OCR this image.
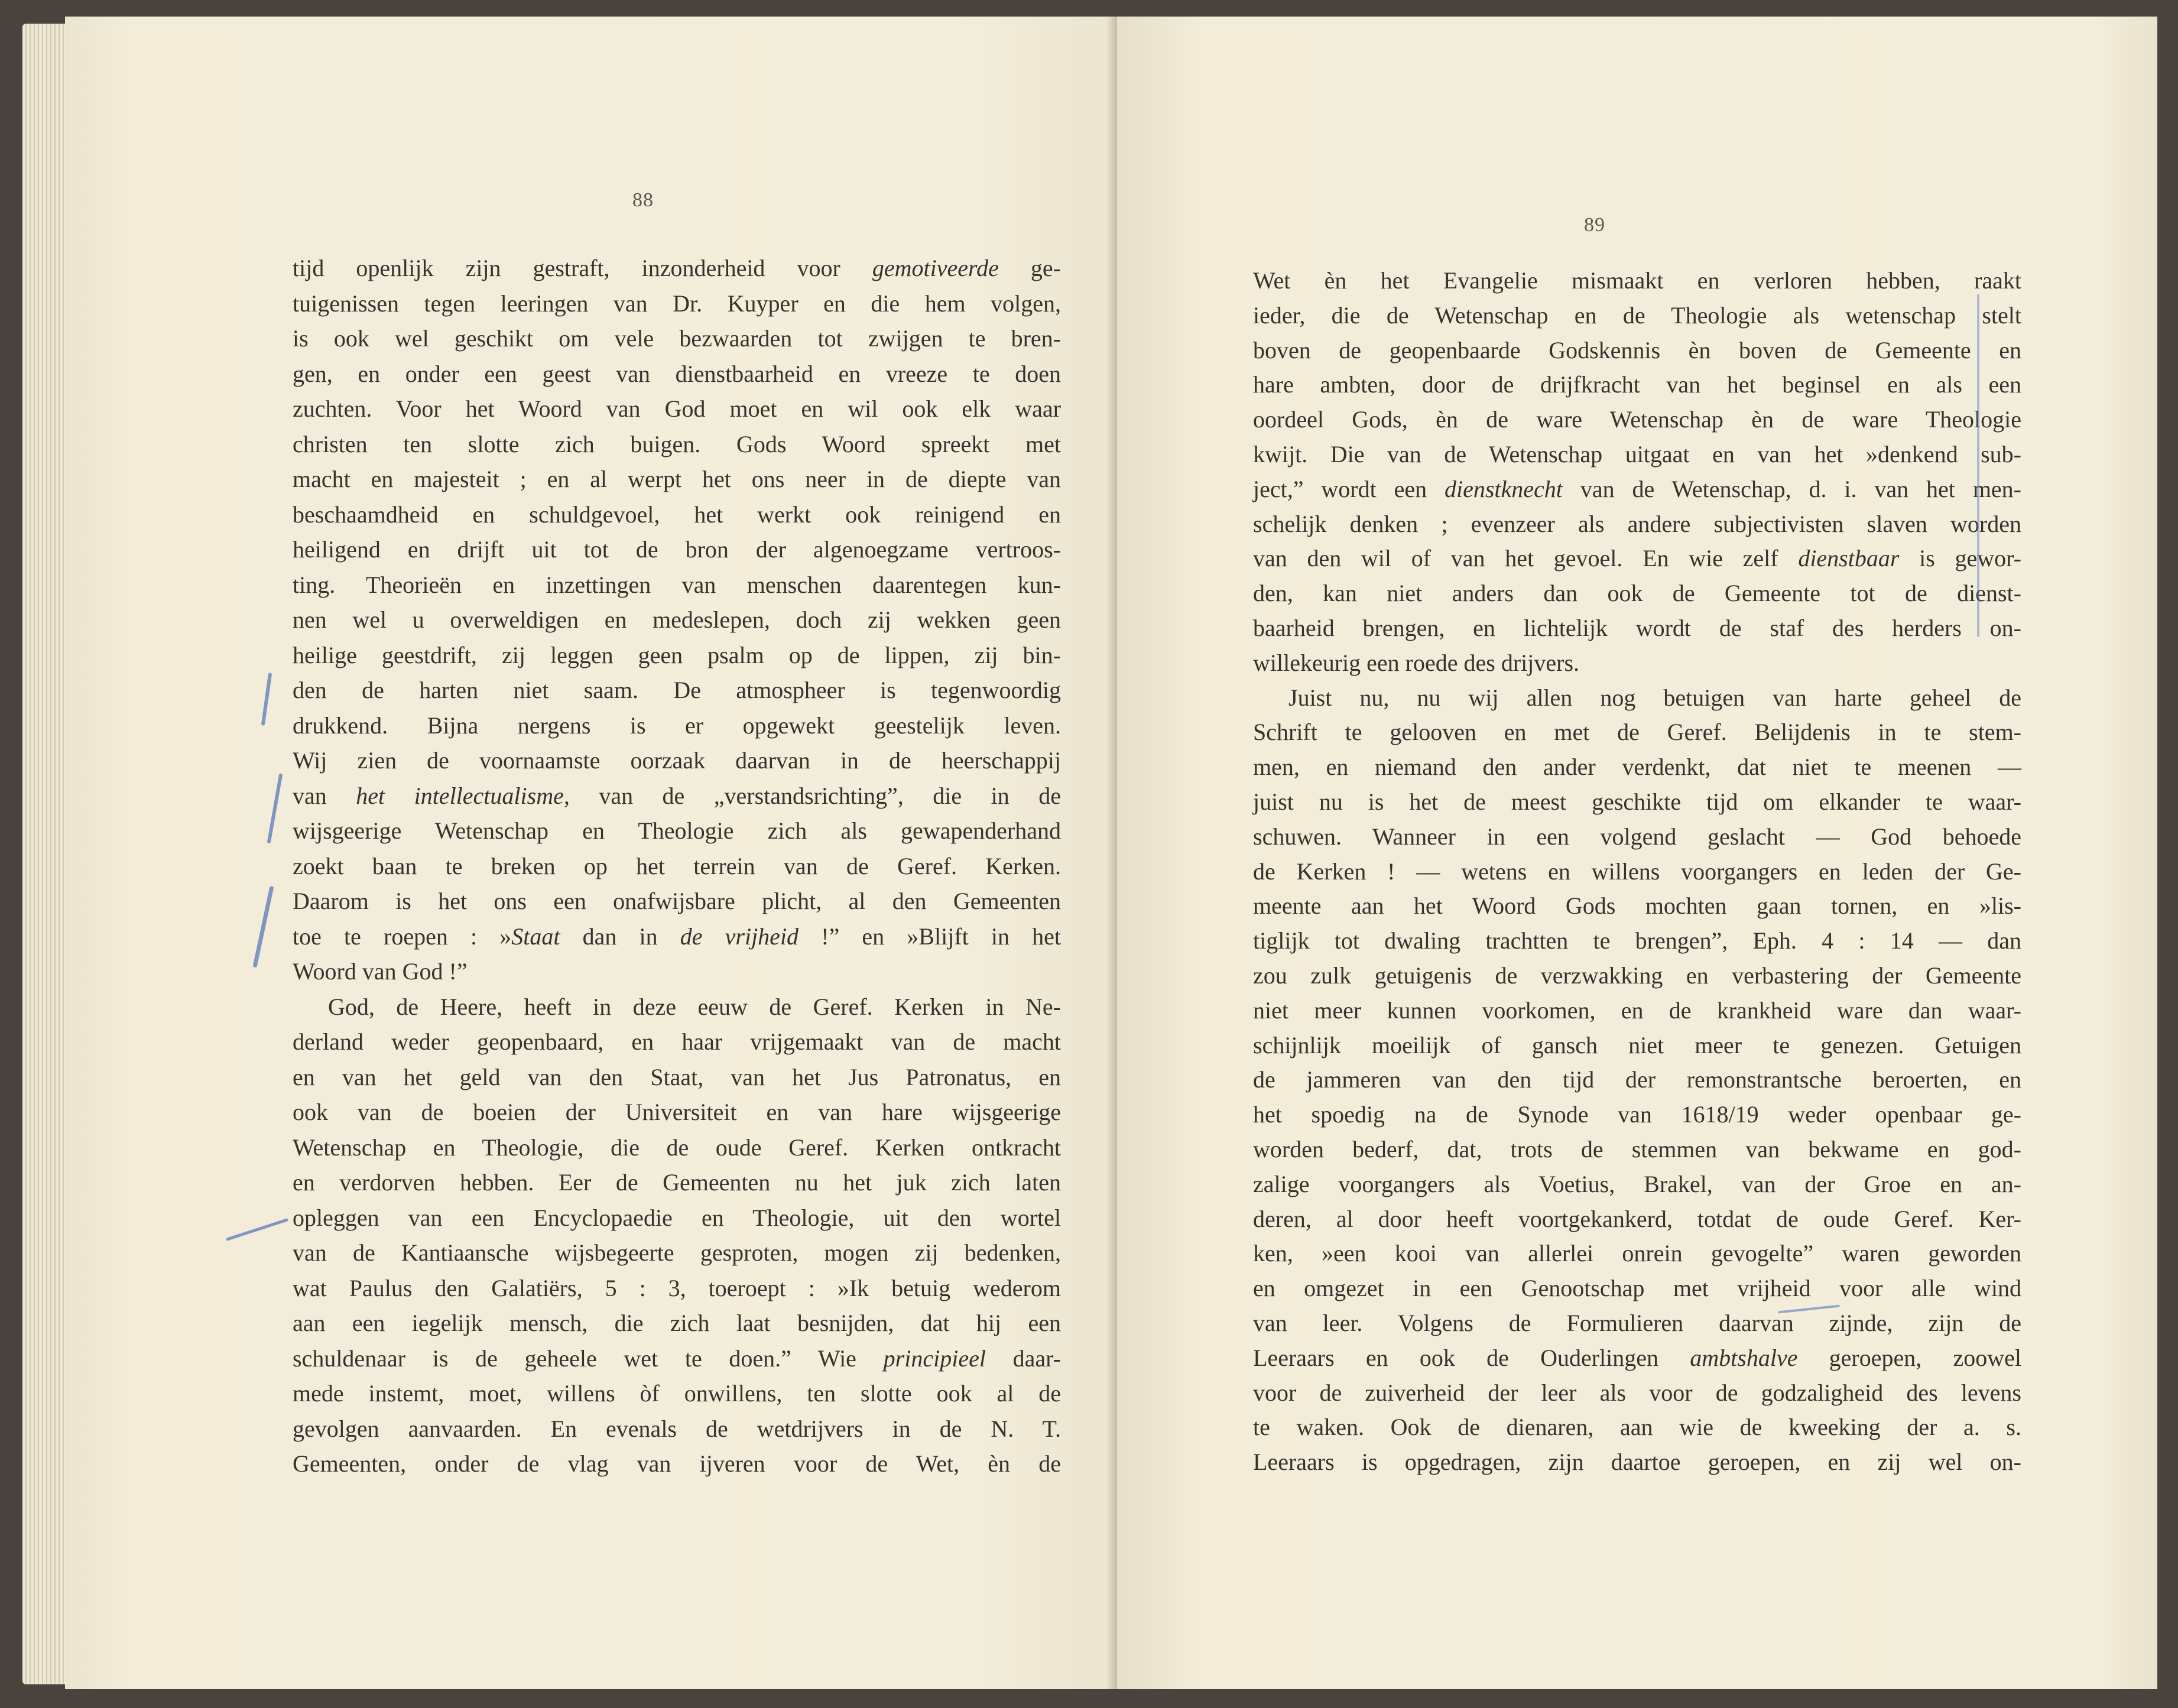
88
tijd openlijk zijn gestraft, inzonderheid voor gemotiveerde ge-
tuigenissen tegen leeringen van Dr. Kuyper en die hem volgen,
is ook wel geschikt om vele bezwaarden tot zwijgen te bren-
gen, en onder een geest van dienstbaarheid en vreeze te doen
zuchten. Voor het Woord van God moet en wil ook elk waar
christen ten slotte zich buigen. Gods Woord spreekt met
macht en majesteit ; en al werpt het ons neer in de diepte van
beschaamdheid en schuldgevoel, het werkt ook reinigend en
heiligend en drijft uit tot de bron der algenoegzame vertroos-
ting. Theorieën en inzettingen van menschen daarentegen kun-
nen wel u overweldigen en medeslepen, doch zij wekken geen
heilige geestdrift, zij leggen geen psalm op de lippen, zij bin-
den de harten niet saam. De atmospheer is tegenwoordig
drukkend. Bijna nergens is er opgewekt geestelijk leven.
Wij zien de voornaamste oorzaak daarvan in de heerschappij
van het intellectualisme, van de „verstandsrichting”, die in de
wijsgeerige Wetenschap en Theologie zich als gewapenderhand
zoekt baan te breken op het terrein van de Geref. Kerken.
Daarom is het ons een onafwijsbare plicht, al den Gemeenten
toe te roepen : »Staat dan in de vrijheid !” en »Blijft in het
Woord van God !”
God, de Heere, heeft in deze eeuw de Geref. Kerken in Ne-
derland weder geopenbaard, en haar vrijgemaakt van de macht
en van het geld van den Staat, van het Jus Patronatus, en
ook van de boeien der Universiteit en van hare wijsgeerige
Wetenschap en Theologie, die de oude Geref. Kerken ontkracht
en verdorven hebben. Eer de Gemeenten nu het juk zich laten
opleggen van een Encyclopaedie en Theologie, uit den wortel
van de Kantiaansche wijsbegeerte gesproten, mogen zij bedenken,
wat Paulus den Galatiërs, 5 : 3, toeroept : »Ik betuig wederom
aan een iegelijk mensch, die zich laat besnijden, dat hij een
schuldenaar is de geheele wet te doen.” Wie principieel daar-
mede instemt, moet, willens òf onwillens, ten slotte ook al de
gevolgen aanvaarden. En evenals de wetdrijvers in de N. T.
Gemeenten, onder de vlag van ijveren voor de Wet, èn de
89
Wet èn het Evangelie mismaakt en verloren hebben, raakt
ieder, die de Wetenschap en de Theologie als wetenschap stelt
boven de geopenbaarde Godskennis èn boven de Gemeente en
hare ambten, door de drijfkracht van het beginsel en als een
oordeel Gods, èn de ware Wetenschap èn de ware Theologie
kwijt. Die van de Wetenschap uitgaat en van het »denkend sub-
ject,” wordt een dienstknecht van de Wetenschap, d. i. van het men-
schelijk denken ; evenzeer als andere subjectivisten slaven worden
van den wil of van het gevoel. En wie zelf dienstbaar is gewor-
den, kan niet anders dan ook de Gemeente tot de dienst-
baarheid brengen, en lichtelijk wordt de staf des herders on-
willekeurig een roede des drijvers.
Juist nu, nu wij allen nog betuigen van harte geheel de
Schrift te gelooven en met de Geref. Belijdenis in te stem-
men, en niemand den ander verdenkt, dat niet te meenen —
juist nu is het de meest geschikte tijd om elkander te waar-
schuwen. Wanneer in een volgend geslacht — God behoede
de Kerken ! — wetens en willens voorgangers en leden der Ge-
meente aan het Woord Gods mochten gaan tornen, en »lis-
tiglijk tot dwaling trachtten te brengen”, Eph. 4 : 14 — dan
zou zulk getuigenis de verzwakking en verbastering der Gemeente
niet meer kunnen voorkomen, en de krankheid ware dan waar-
schijnlijk moeilijk of gansch niet meer te genezen. Getuigen
de jammeren van den tijd der remonstrantsche beroerten, en
het spoedig na de Synode van 1618/19 weder openbaar ge-
worden bederf, dat, trots de stemmen van bekwame en god-
zalige voorgangers als Voetius, Brakel, van der Groe en an-
deren, al door heeft voortgekankerd, totdat de oude Geref. Ker-
ken, »een kooi van allerlei onrein gevogelte” waren geworden
en omgezet in een Genootschap met vrijheid voor alle wind
van leer. Volgens de Formulieren daarvan zijnde, zijn de
Leeraars en ook de Ouderlingen ambtshalve geroepen, zoowel
voor de zuiverheid der leer als voor de godzaligheid des levens
te waken. Ook de dienaren, aan wie de kweeking der a. s.
Leeraars is opgedragen, zijn daartoe geroepen, en zij wel on-
